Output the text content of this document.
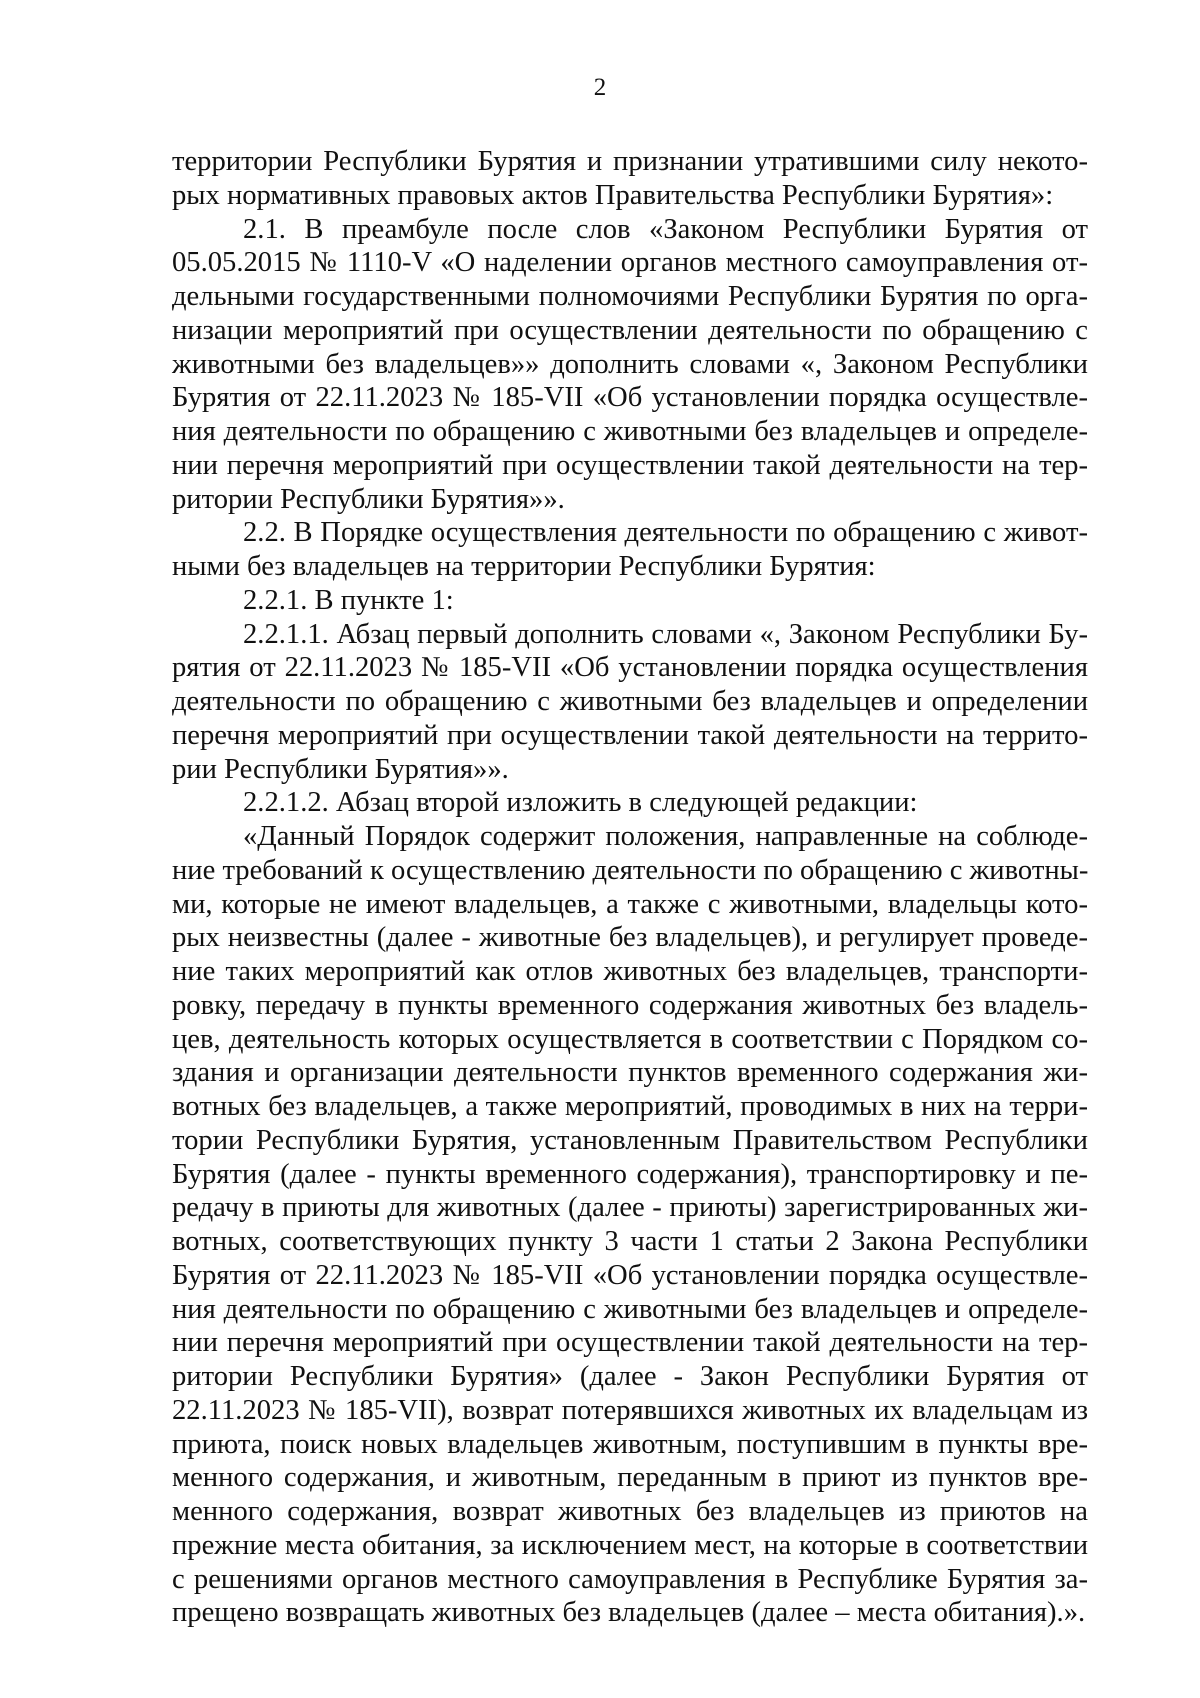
2
территории Республики Бурятия и признании утратившими силу некото-
рых нормативных правовых актов Правительства Республики Бурятия»:
2.1. В преамбуле после слов «Законом Республики Бурятия от
05.05.2015 № 1110-V «О наделении органов местного самоуправления от-
дельными государственными полномочиями Республики Бурятия по орга-
низации мероприятий при осуществлении деятельности по обращению с
животными без владельцев»» дополнить словами «, Законом Республики
Бурятия от 22.11.2023 № 185-VII «Об установлении порядка осуществле-
ния деятельности по обращению с животными без владельцев и определе-
нии перечня мероприятий при осуществлении такой деятельности на тер-
ритории Республики Бурятия»».
2.2. В Порядке осуществления деятельности по обращению с живот-
ными без владельцев на территории Республики Бурятия:
2.2.1. В пункте 1:
2.2.1.1. Абзац первый дополнить словами «, Законом Республики Бу-
рятия от 22.11.2023 № 185-VII «Об установлении порядка осуществления
деятельности по обращению с животными без владельцев и определении
перечня мероприятий при осуществлении такой деятельности на террито-
рии Республики Бурятия»».
2.2.1.2. Абзац второй изложить в следующей редакции:
«Данный Порядок содержит положения, направленные на соблюде-
ние требований к осуществлению деятельности по обращению с животны-
ми, которые не имеют владельцев, а также с животными, владельцы кото-
рых неизвестны (далее - животные без владельцев), и регулирует проведе-
ние таких мероприятий как отлов животных без владельцев, транспорти-
ровку, передачу в пункты временного содержания животных без владель-
цев, деятельность которых осуществляется в соответствии с Порядком со-
здания и организации деятельности пунктов временного содержания жи-
вотных без владельцев, а также мероприятий, проводимых в них на терри-
тории Республики Бурятия, установленным Правительством Республики
Бурятия (далее - пункты временного содержания), транспортировку и пе-
редачу в приюты для животных (далее - приюты) зарегистрированных жи-
вотных, соответствующих пункту 3 части 1 статьи 2 Закона Республики
Бурятия от 22.11.2023 № 185-VII «Об установлении порядка осуществле-
ния деятельности по обращению с животными без владельцев и определе-
нии перечня мероприятий при осуществлении такой деятельности на тер-
ритории Республики Бурятия» (далее - Закон Республики Бурятия от
22.11.2023 № 185-VII), возврат потерявшихся животных их владельцам из
приюта, поиск новых владельцев животным, поступившим в пункты вре-
менного содержания, и животным, переданным в приют из пунктов вре-
менного содержания, возврат животных без владельцев из приютов на
прежние места обитания, за исключением мест, на которые в соответствии
с решениями органов местного самоуправления в Республике Бурятия за-
прещено возвращать животных без владельцев (далее – места обитания).».
